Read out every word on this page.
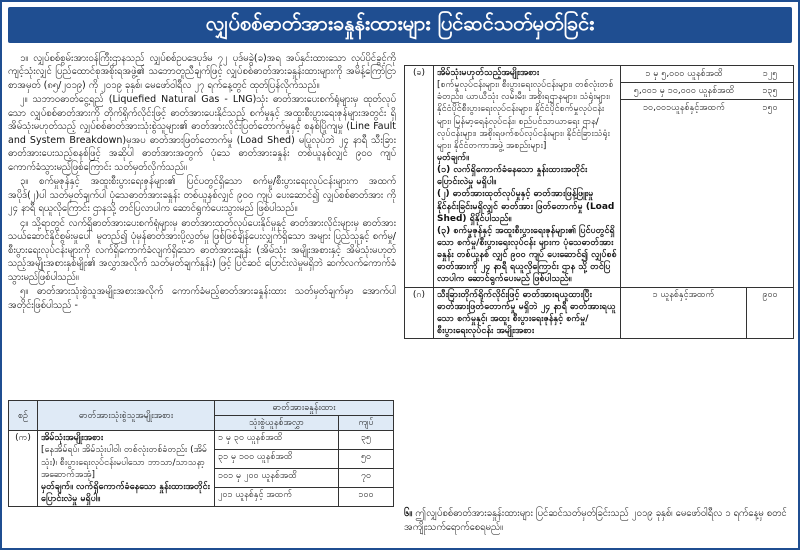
လျှပ်စစ်ဓာတ်အားခနှုန်းထားများ ပြင်ဆင်သတ်မှတ်ခြင်း

၁။ လျှပ်စစ်စွမ်းအားဝန်ကြီးဌာနသည် လျှပ်စစ်ဥပဒေပုဒ်မ ၇၂ ပုဒ်မခွဲ(ခ)အရ အပ်နှင်းထားသော လုပ်ပိုင်ခွင့်ကို ကျင့်သုံးလျှင် ပြည်ထောင်စုအစိုးရအဖွဲ့၏ သဘောတူညီချက်ဖြင့် လျှပ်စစ်ဓာတ်အားခနှုန်းထားများကို အမိန့်ကြော်ငြာစာအမှတ် (၈၅/၂၀၁၉) ကို ၂၀၁၉ ခုနှစ်၊ မေဖော်ဝါရီလ ၂၇ ရက်နေ့တွင် ထုတ်ပြန်လိုက်သည်။

၂။ သဘာဝဓာတ်ငွေ့ရည် (Liquefied Natural Gas - LNG)သုံး ဓာတ်အားပေးစက်ရုံများမှ ထုတ်လုပ်သော လျှပ်စစ်ဓာတ်အားကို တိုက်ရိုက်လိုင်းဖြင့် ဓာတ်အားပေးနိုင်သည့် စက်မှုနှင့် အထူးစီးပွားရေးဇုန်များအတွင်း ရှိ အိမ်သုံးမဟုတ်သည့် လျှပ်စစ်ဓာတ်အားသုံးစွဲသူများ၏ ဓာတ်အားလိုင်းပြတ်တောက်မှုနှင့် စနစ်ပြိုကျမှု (Line Fault and System Breakdown)မှအပ ဓာတ်အားဖြတ်တောက်မှု (Load Shed) မပြုလုပ်ဘဲ ၂၄ နာရီ သီးခြားဓာတ်အားပေးသည့်စနစ်ဖြင့် အဆိုပါ ဓာတ်အားအတွက် ပုံသေ ဓာတ်အားခနှုန်း တစ်ယူနစ်လျှင် ၉၀၀ ကျပ် ကောက်ခံသွားမည်ဖြစ်ကြောင်း သတ်မှတ်လိုက်သည်။

၃။ စက်မှုဇုန်နှင့် အထူးစီးပွားရေးဇုန်များ၏ ပြင်ပတွင်ရှိသော စက်မှု/စီးပွားရေးလုပ်ငန်းများက အထက် အပိုဒ်(၂)ပါ သတ်မှတ်ချက်ပါ ပုံသေဓာတ်အားခနှုန်း တစ်ယူနစ်လျှင် ၉၀၀ ကျပ် ပေးဆောင်၍ လျှပ်စစ်ဓာတ်အား ကို ၂၄ နာရီ ရယူလိုကြောင်း ဌာနသို့ တင်ပြလာပါက ဆောင်ရွက်ပေးသွားမည် ဖြစ်ပါသည်။

၄။ သို့ရာတွင် လက်ရှိဓာတ်အားပေးစက်ရုံများမှ ဓာတ်အားထုတ်လုပ်ပေးနိုင်မှုနှင့် ဓာတ်အားလိုင်းများမှ ဓာတ်အားသယ်ဆောင်နိုင်စွမ်းမှုပေါ် မူတည်၍ ပုံမှန်ဓာတ်အားပို့လွှတ်မှု ဖြစ်ဖြစ်ချိန်ပေးလျှက်ရှိသော အများ ပြည်သူနှင့် စက်မှု/စီးပွားရေးလုပ်ငန်းများကို လက်ရှိကောက်ခံလျက်ရှိသော ဓာတ်အားခနှုန်း (အိမ်သုံး အမျိုးအစားနှင့် အိမ်သုံးမဟုတ်သည့်အမျိုးအစားနှစ်မျိုး၏ အလွှာအလိုက် သတ်မှတ်ချက်နှုန်း) ဖြင့် ပြင်ဆင် ပြောင်းလဲမှုမရှိဘဲ ဆက်လက်ကောက်ခံသွားမည်ဖြစ်ပါသည်။

၅။ ဓာတ်အားသုံးစွဲသူအမျိုးအစားအလိုက် ကောက်ခံမည့်ဓာတ်အားခနှုန်းထား သတ်မှတ်ချက်မှာ အောက်ပါအတိုင်းဖြစ်ပါသည် -

စဉ်	ဓာတ်အားသုံးစွဲသူအမျိုးအစား	ဓာတ်အားခနှုန်းထား	
		သုံးစွဲယူနစ်အလွှာ	ကျပ်
(က)	အိမ်သုံးအမျိုးအစား
[နေအိမ်ရပ်၊ အိမ်သုံးပါဝါ၊ တစ်လုံးတစ်ခံတည်း (အိမ်သုံး)၊ စီးပွားရေးလုပ်ငန်းမပါသော ဘာသာ/သာသနာ့အဆောက်အအုံ]
မှတ်ချက်။ လက်ရှိကောက်ခံနေသော နှုန်းထားအတိုင်း ပြောင်းလဲမှု မရှိပါ။	၁ မှ ၃၀ ယူနစ်အထိ	၃၅
		၃၁ မှ ၁၀၀ ယူနစ်အထိ	၅၀
		၁၀၁ မှ ၂၀၀ ယူနစ်အထိ	၇၀
		၂၀၁ ယူနစ်နှင့် အထက်	၁၀၀
(ခ)	အိမ်သုံးမဟုတ်သည့်အမျိုးအစား
[စက်မှုလုပ်ငန်းများ၊ စီးပွားရေးလုပ်ငန်းများ၊ တစ်လုံးတစ်ခံတည်း၊ ယာယီသုံး လမ်းမီး၊ အစိုးရဌာနများ၊ သံရုံးများ၊ နိုင်ငံပိုင်စီးပွားရေးလုပ်ငန်းများ၊ နိုင်ငံပိုင်စက်မှုလုပ်ငန်းများ၊ မြန်မာ့ရေနံလုပ်ငန်း၊ စည်ပင်သာယာရေး ဌာန/လုပ်ငန်းများ၊ အစိုးရဖက်စပ်လုပ်ငန်းများ၊ နိုင်ငံခြားသံရုံးများ၊ နိုင်ငံတကာအဖွဲ့ အစည်းများ]
မှတ်ချက်။
(၁) လက်ရှိကောက်ခံနေသော နှုန်းထားအတိုင်း ပြောင်းလဲမှု မရှိပါ။
(၂) ဓာတ်အားထုတ်လုပ်မှုနှင့် ဓာတ်အားဖြန့်ဖြူးမှု နိုင်နင်းခြင်းမရှိလျှင် ဓာတ်အား ဖြတ်တောက်မှု (Load Shed) ရှိနိုင်ပါသည်။
(၃) စက်မှုဇုန်နှင့် အထူးစီးပွားရေးဇုန်များ၏ ပြင်ပတွင်ရှိသော စက်မှု/စီးပွားရေးလုပ်ငန်း များက ပုံသေဓာတ်အားခနှုန်း တစ်ယူနစ် လျှင် ၉၀၀ ကျပ် ပေးဆောင်၍ လျှပ်စစ် ဓာတ်အားကို ၂၄ နာရီ ရယူလိုကြောင်း ဌာန သို့ တင်ပြလာပါက ဆောင်ရွက်ပေးမည် ဖြစ်ပါသည်။

၁ မှ ၅,၀၀၀ ယူနစ်အထိ	၁၂၅
၅,၀၀၁ မှ ၁၀,၀၀၀ ယူနစ်အထိ	၁၃၅
၁၀,၀၀၁ယူနစ်နှင့်အထက်	၁၅၀

(ဂ)	သီးခြားတိုက်ရိုက်လိုင်းဖြင့် ဓာတ်အားရယူထားပြီး ဓာတ်အားဖြတ်တောက်မှု မရှိဘဲ ၂၄ နာရီ ဓာတ်အားရယူသော စက်မှုနှင့်၊ အထူး စီးပွားရေးဇုန်နှင့် စက်မှု/စီးပွားရေးလုပ်ငန်း အမျိုးအစား	၁ ယူနစ်နှင့်အထက်	၉၀၀
၆။ ဤလျှပ်စစ်ဓာတ်အားခနှုန်းထားများ ပြင်ဆင်သတ်မှတ်ခြင်းသည် ၂၀၁၉ ခုနှစ်၊ မေဖော်ဝါရီလ ၁ ရက်နေ့မှ စတင်အကျိုးသက်ရောက်စေရမည်။
